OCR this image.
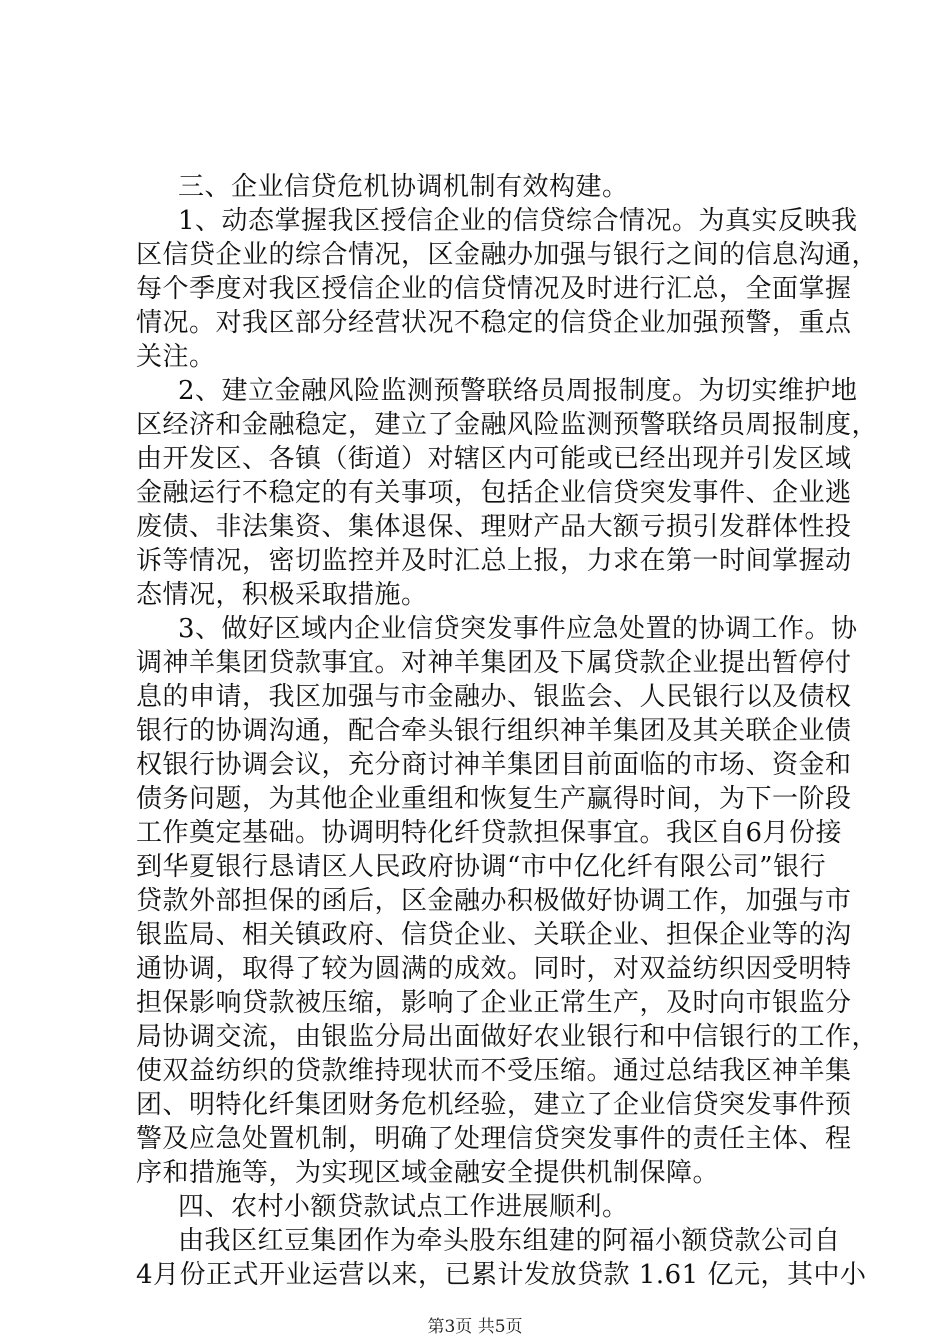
三、企业信贷危机协调机制有效构建。
1、动态掌握我区授信企业的信贷综合情况。为真实反映我
区信贷企业的综合情况，区金融办加强与银行之间的信息沟通，
每个季度对我区授信企业的信贷情况及时进行汇总，全面掌握
情况。对我区部分经营状况不稳定的信贷企业加强预警，重点
关注。
2、建立金融风险监测预警联络员周报制度。为切实维护地
区经济和金融稳定，建立了金融风险监测预警联络员周报制度，
由开发区、各镇（街道）对辖区内可能或已经出现并引发区域
金融运行不稳定的有关事项，包括企业信贷突发事件、企业逃
废债、非法集资、集体退保、理财产品大额亏损引发群体性投
诉等情况，密切监控并及时汇总上报，力求在第一时间掌握动
态情况，积极采取措施。
3、做好区域内企业信贷突发事件应急处置的协调工作。协
调神羊集团贷款事宜。对神羊集团及下属贷款企业提出暂停付
息的申请，我区加强与市金融办、银监会、人民银行以及债权
银行的协调沟通，配合牵头银行组织神羊集团及其关联企业债
权银行协调会议，充分商讨神羊集团目前面临的市场、资金和
债务问题，为其他企业重组和恢复生产赢得时间，为下一阶段
工作奠定基础。协调明特化纤贷款担保事宜。我区自6月份接
到华夏银行恳请区人民政府协调“市中亿化纤有限公司”银行
贷款外部担保的函后，区金融办积极做好协调工作，加强与市
银监局、相关镇政府、信贷企业、关联企业、担保企业等的沟
通协调，取得了较为圆满的成效。同时，对双益纺织因受明特
担保影响贷款被压缩，影响了企业正常生产，及时向市银监分
局协调交流，由银监分局出面做好农业银行和中信银行的工作，
使双益纺织的贷款维持现状而不受压缩。通过总结我区神羊集
团、明特化纤集团财务危机经验，建立了企业信贷突发事件预
警及应急处置机制，明确了处理信贷突发事件的责任主体、程
序和措施等，为实现区域金融安全提供机制保障。
四、农村小额贷款试点工作进展顺利。
由我区红豆集团作为牵头股东组建的阿福小额贷款公司自
4月份正式开业运营以来，已累计发放贷款 1.61 亿元，其中小
第3页 共5页
